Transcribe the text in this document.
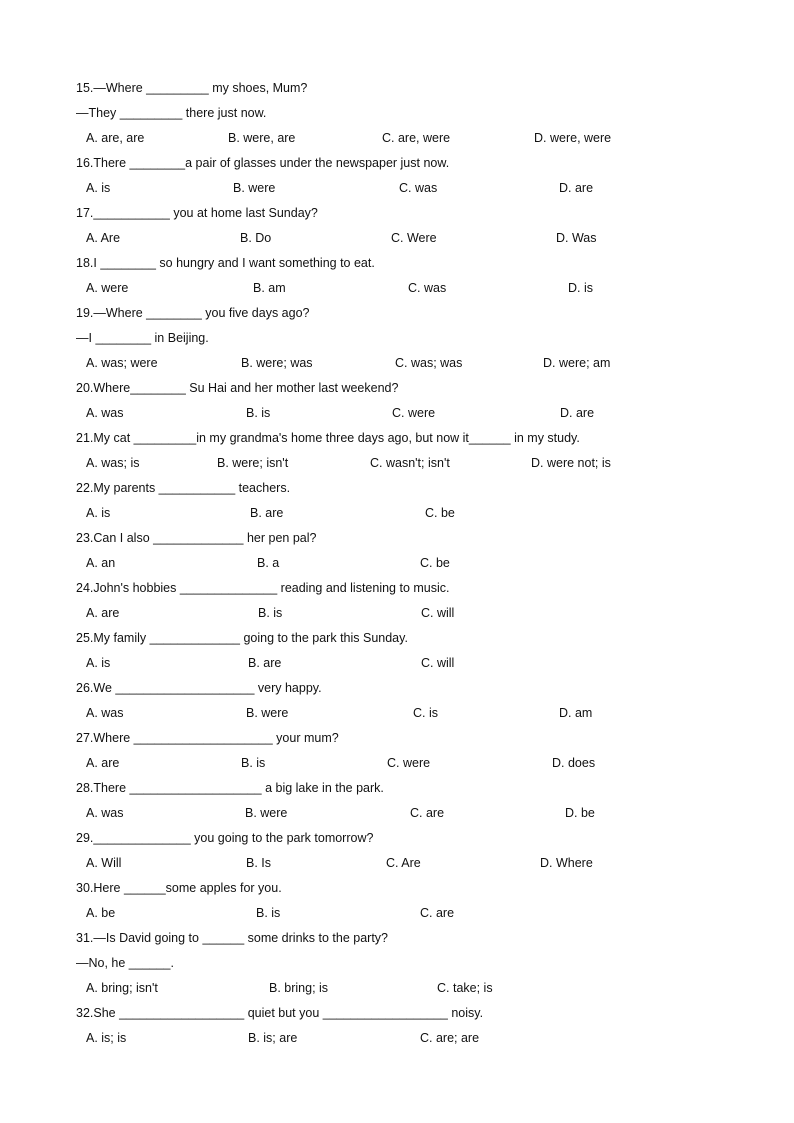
15.—Where _________ my shoes, Mum?
—They _________ there just now.
A. are, are	B. were, are	C. are, were	D. were, were
16.There ________a pair of glasses under the newspaper just now.
A. is	B. were	C. was	D. are
17.___________ you at home last Sunday?
A. Are	B. Do	C. Were	D. Was
18.I ________ so hungry and I want something to eat.
A. were	B. am	C. was	D. is
19.—Where ________ you five days ago?
—I ________ in Beijing.
A. was; were	B. were; was	C. was; was	D. were; am
20.Where________ Su Hai and her mother last weekend?
A. was	B. is	C. were	D. are
21.My cat _________in my grandma's home three days ago, but now it______ in my study.
A. was; is	B. were; isn't	C. wasn't; isn't	D. were not; is
22.My parents ___________ teachers.
A. is	B. are	C. be
23.Can I also _____________ her pen pal?
A. an	B. a	C. be
24.John's hobbies ______________ reading and listening to music.
A. are	B. is	C. will
25.My family _____________ going to the park this Sunday.
A. is	B. are	C. will
26.We ____________________ very happy.
A. was	B. were	C. is	D. am
27.Where ____________________ your mum?
A. are	B. is	C. were	D. does
28.There ___________________ a big lake in the park.
A. was	B. were	C. are	D. be
29.______________ you going to the park tomorrow?
A. Will	B. Is	C. Are	D. Where
30.Here ______some apples for you.
A. be	B. is	C. are
31.—Is David going to ______ some drinks to the party?
—No, he ______.
A. bring; isn't	B. bring; is	C. take; is
32.She __________________ quiet but you __________________ noisy.
A. is; is	B. is; are	C. are; are
